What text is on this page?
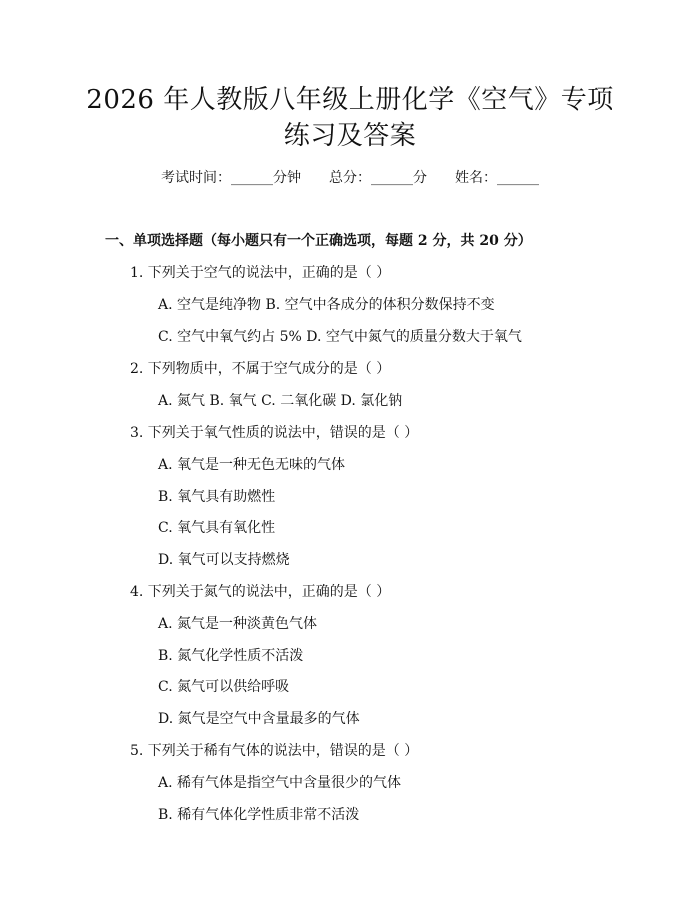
2026 年人教版八年级上册化学《空气》专项
练习及答案
考试时间：______分钟 总分：______分 姓名：______
一、单项选择题（每小题只有一个正确选项，每题 2 分，共 20 分）
1. 下列关于空气的说法中，正确的是（ ）
A. 空气是纯净物 B. 空气中各成分的体积分数保持不变
C. 空气中氧气约占 5% D. 空气中氮气的质量分数大于氧气
2. 下列物质中，不属于空气成分的是（ ）
A. 氮气 B. 氧气 C. 二氧化碳 D. 氯化钠
3. 下列关于氧气性质的说法中，错误的是（ ）
A. 氧气是一种无色无味的气体
B. 氧气具有助燃性
C. 氧气具有氧化性
D. 氧气可以支持燃烧
4. 下列关于氮气的说法中，正确的是（ ）
A. 氮气是一种淡黄色气体
B. 氮气化学性质不活泼
C. 氮气可以供给呼吸
D. 氮气是空气中含量最多的气体
5. 下列关于稀有气体的说法中，错误的是（ ）
A. 稀有气体是指空气中含量很少的气体
B. 稀有气体化学性质非常不活泼
